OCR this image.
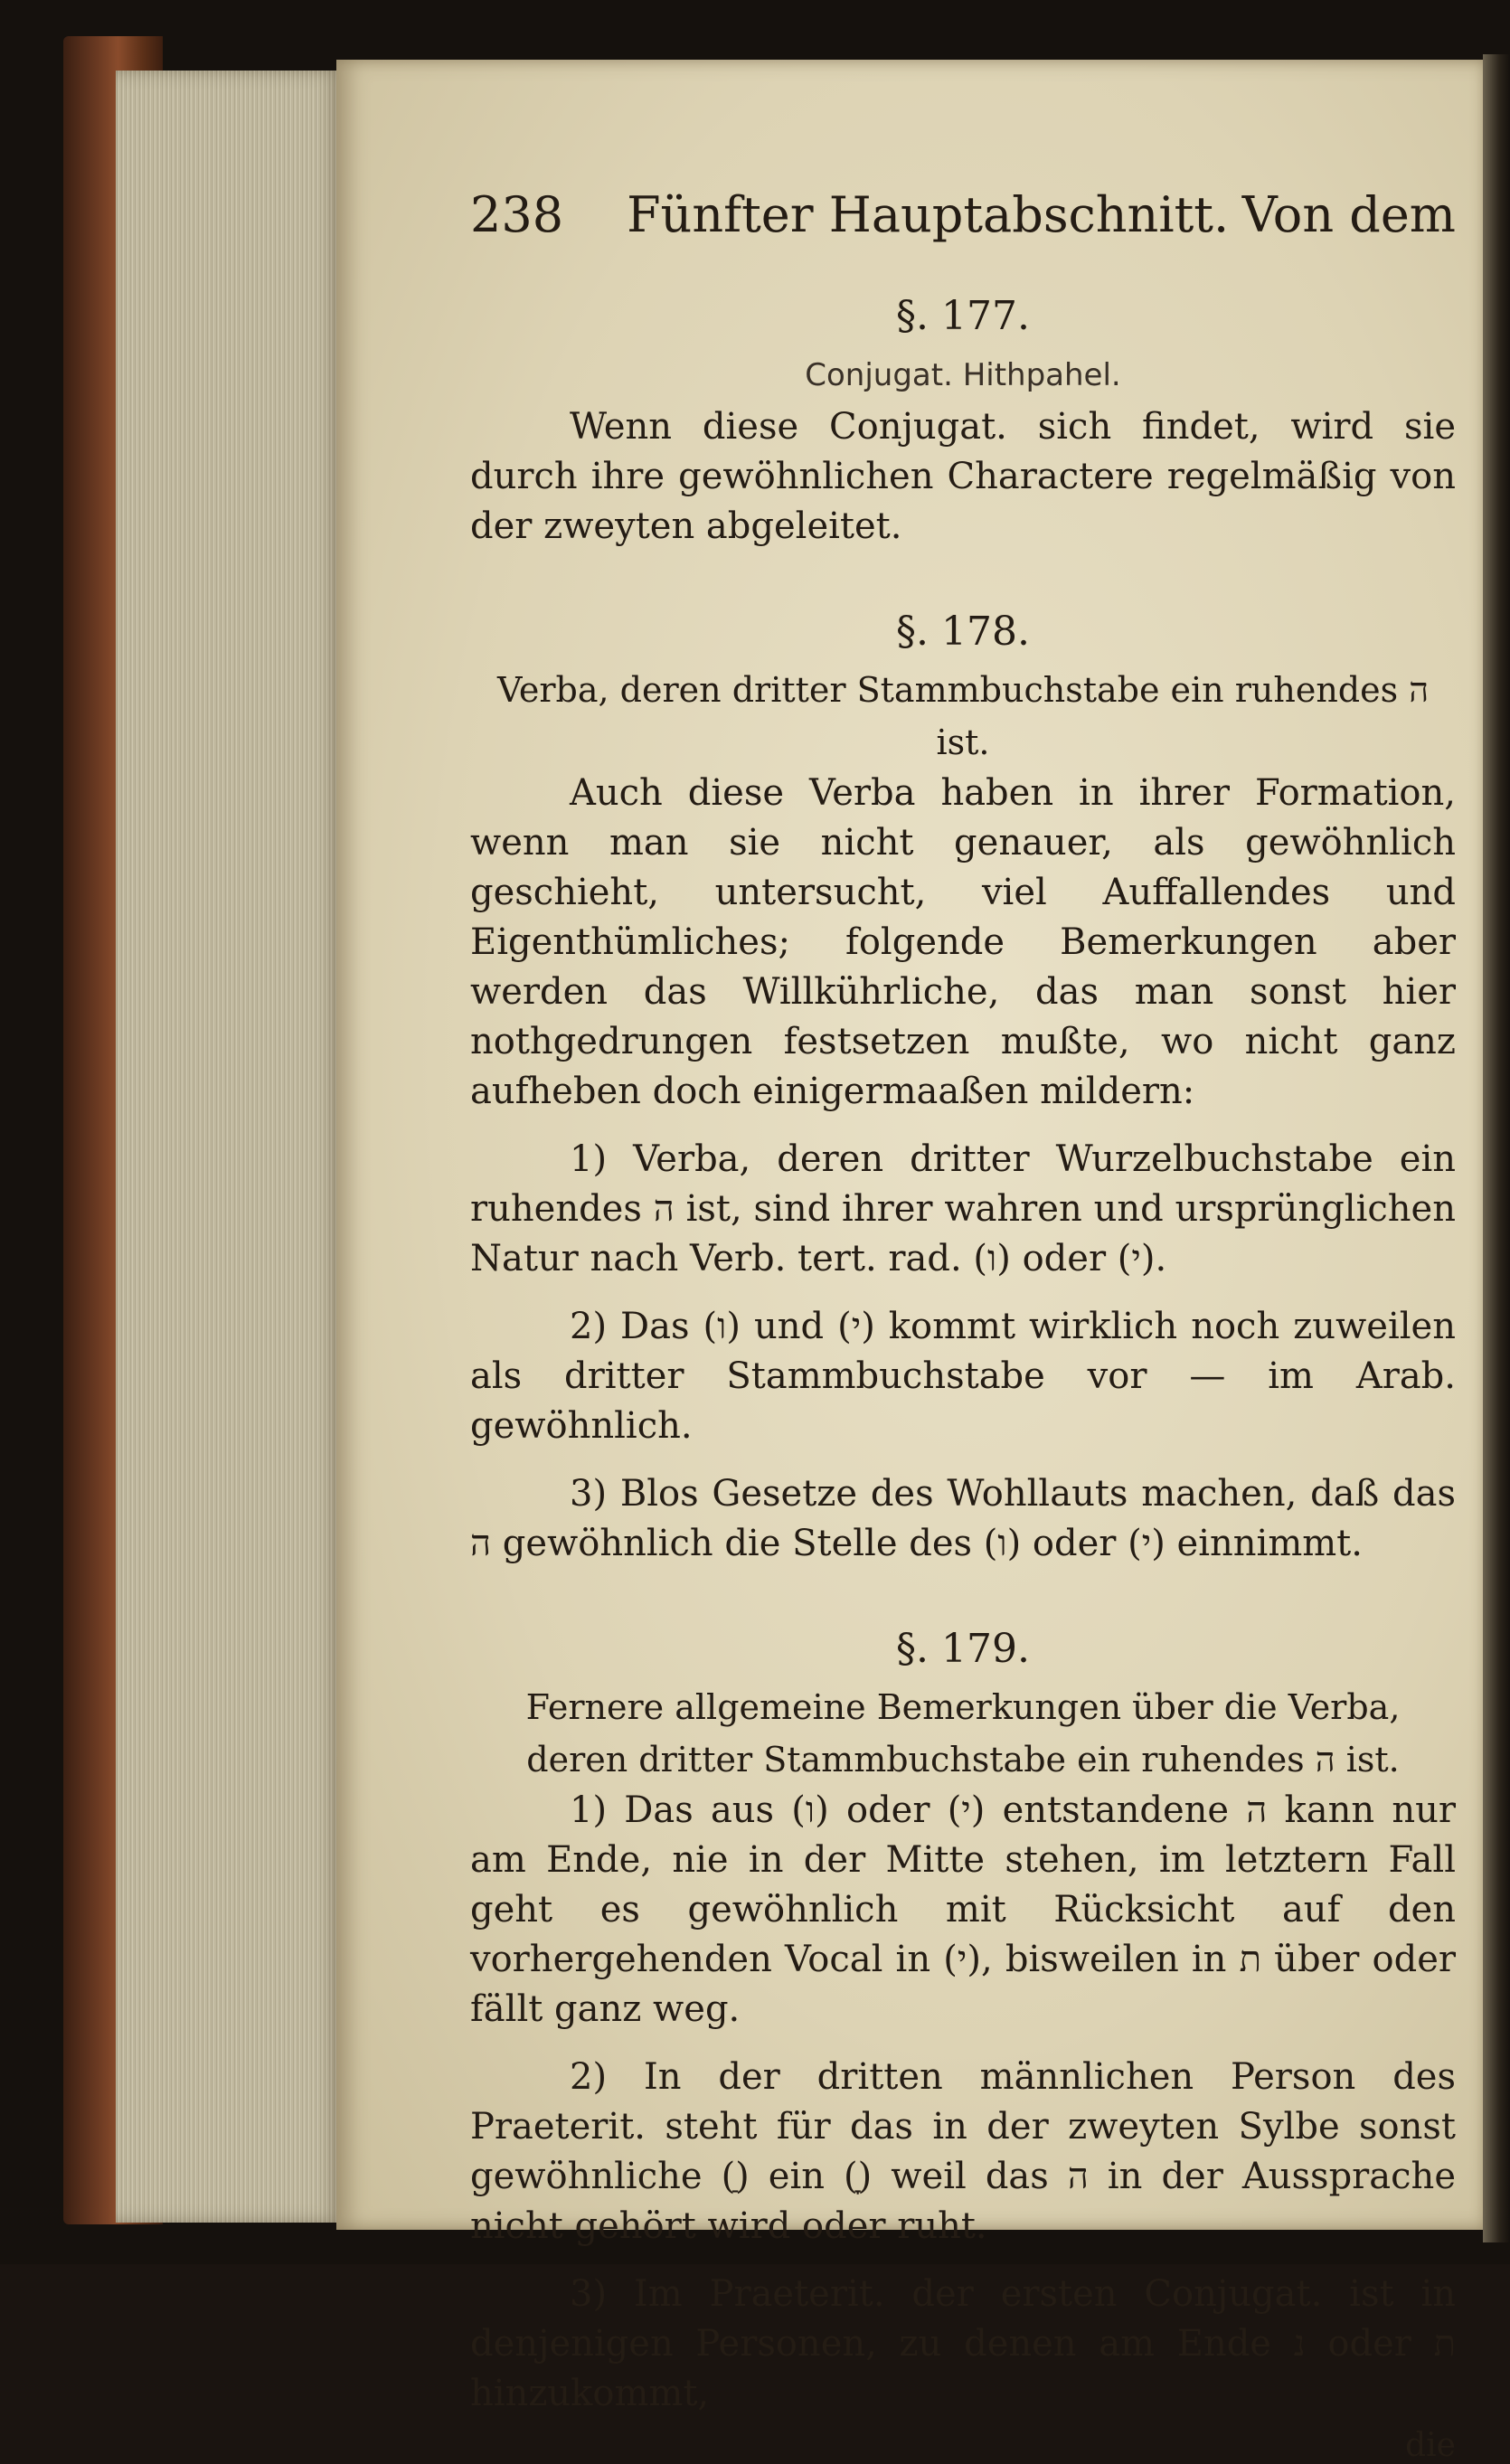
238 Fünfter Hauptabschnitt. Von dem
§. 177.
Conjugat. Hithpahel.

Wenn diese Conjugat. sich findet, wird sie durch ihre gewöhnlichen Charactere regelmäßig von der zweyten abgeleitet.

§. 178.
Verba, deren dritter Stammbuchstabe ein ruhendes ה ist.

Auch diese Verba haben in ihrer Formation, wenn man sie nicht genauer, als gewöhnlich geschieht, untersucht, viel Auffallendes und Eigenthümliches; folgende Bemerkungen aber werden das Willkührliche, das man sonst hier nothgedrungen festsetzen mußte, wo nicht ganz aufheben doch einigermaaßen mildern:

1) Verba, deren dritter Wurzelbuchstabe ein ruhendes ה ist, sind ihrer wahren und ursprünglichen Natur nach Verb. tert. rad. (ו) oder (י).

2) Das (ו) und (י) kommt wirklich noch zuweilen als dritter Stammbuchstabe vor — im Arab. gewöhnlich.

3) Blos Gesetze des Wohllauts machen, daß das ה gewöhnlich die Stelle des (ו) oder (י) einnimmt.

§. 179.
Fernere allgemeine Bemerkungen über die Verba, deren dritter Stammbuchstabe ein ruhendes ה ist.

1) Das aus (ו) oder (י) entstandene ה kann nur am Ende, nie in der Mitte stehen, im letztern Fall geht es gewöhnlich mit Rücksicht auf den vorhergehenden Vocal in (י), bisweilen in ת über oder fällt ganz weg.

2) In der dritten männlichen Person des Praeterit. steht für das in der zweyten Sylbe sonst gewöhnliche (ַ) ein (ָ) weil das ה in der Aussprache nicht gehört wird oder ruht.

3) Im Praeterit. der ersten Conjugat. ist in denjenigen Personen, zu denen am Ende נ oder ת hinzukommt,

die
